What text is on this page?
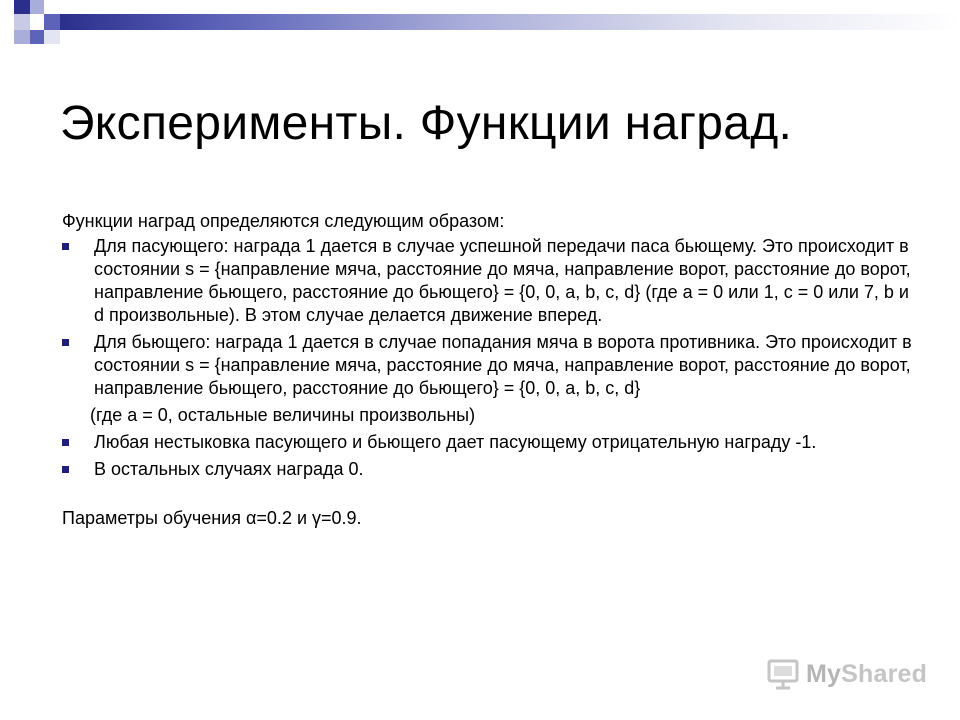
Эксперименты. Функции наград.
Функции наград определяются следующим образом:
Для пасующего: награда 1 дается в случае успешной передачи паса бьющему. Это происходит в состоянии s = {направление мяча, расстояние до мяча, направление ворот, расстояние до ворот, направление бьющего, расстояние до бьющего} = {0, 0, a, b, c, d} (где a = 0 или 1, c = 0 или 7, b и d произвольные). В этом случае делается движение вперед.
Для бьющего: награда 1 дается в случае попадания мяча в ворота противника. Это происходит в состоянии s = {направление мяча, расстояние до мяча, направление ворот, расстояние до ворот, направление бьющего, расстояние до бьющего} = {0, 0, a, b, c, d}
(где a = 0, остальные величины произвольны)
Любая нестыковка пасующего и бьющего дает пасующему отрицательную награду -1.
В остальных случаях награда 0.
Параметры обучения α=0.2 и γ=0.9.
MyShared
